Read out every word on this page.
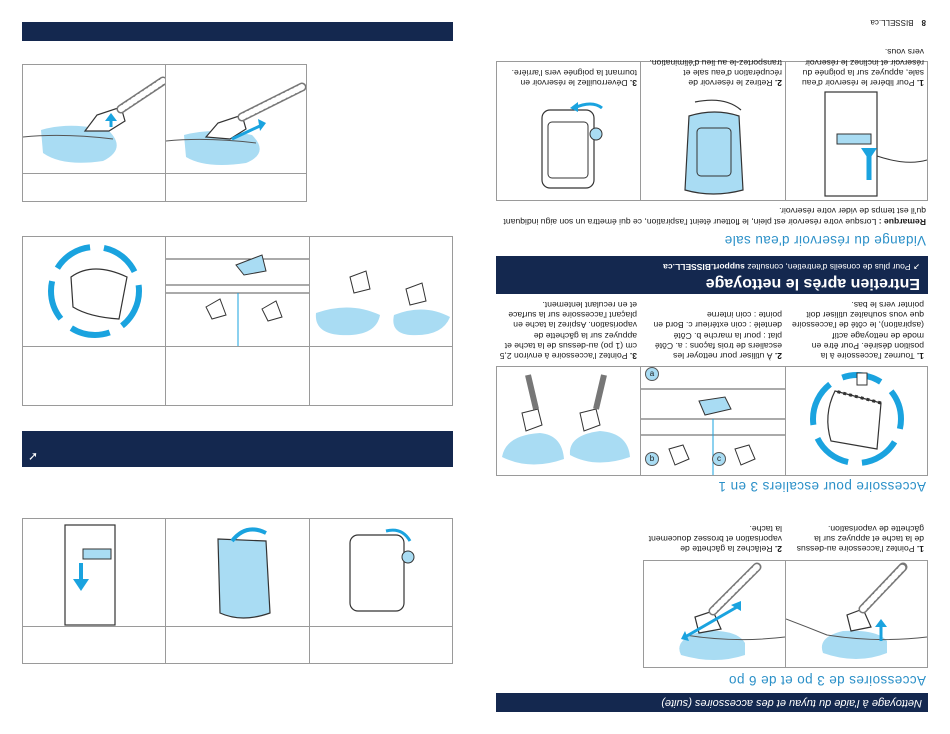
➚
Nettoyage à l'aide du tuyau et des accessoires (suite)
Accessoires de 3 po et de 6 po
1. Pointez l'accessoire au-dessus de la tache et appuyez sur la gâchette de vaporisation.
2. Relâchez la gâchette de vaporisation et brossez doucement la tache.
Accessoire pour escaliers 3 en 1
a
b	c
1. Tournez l'accessoire à la position désirée. Pour être en mode de nettoyage actif (aspiration), le côté de l'accessoire que vous souhaitez utiliser doit pointer vers le bas.
2. À utiliser pour nettoyer les escaliers de trois façons : a. Côté plat : pour la marche b. Côté dentelé : coin extérieur c. Bord en pointe : coin interne
3. Pointez l'accessoire à environ 2,5 cm (1 po) au-dessus de la tache et appuyez sur la gâchette de vaporisation. Aspirez la tache en plaçant l'accessoire sur la surface et en reculant lentement.
Entretien après le nettoyage
➚ Pour plus de conseils d'entretien, consultez support.BISSELL.ca
Vidange du réservoir d'eau sale
Remarque : Lorsque votre réservoir est plein, le flotteur éteint l'aspiration, ce qui émettra un son aigu indiquant qu'il est temps de vider votre réservoir.
1. Pour libérer le réservoir d'eau sale, appuyez sur la poignée du réservoir et inclinez le réservoir vers vous.
2. Retirez le réservoir de récupération d'eau sale et transportez-le au lieu d'élimination.
3. Déverrouillez le réservoir en tournant la poignée vers l'arrière.
8BISSELL.ca
